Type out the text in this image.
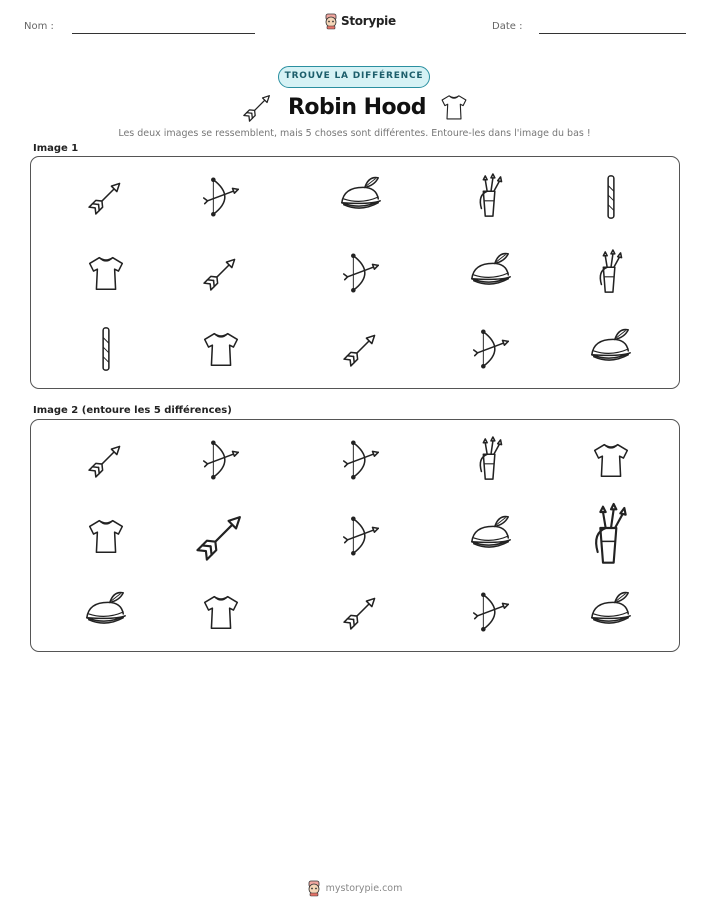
Nom :	Storypie	Date :
TROUVE LA DIFFÉRENCE
Robin Hood
Les deux images se ressemblent, mais 5 choses sont différentes. Entoure-les dans l'image du bas !
Image 1
Image 2 (entoure les 5 différences)
mystorypie.com
